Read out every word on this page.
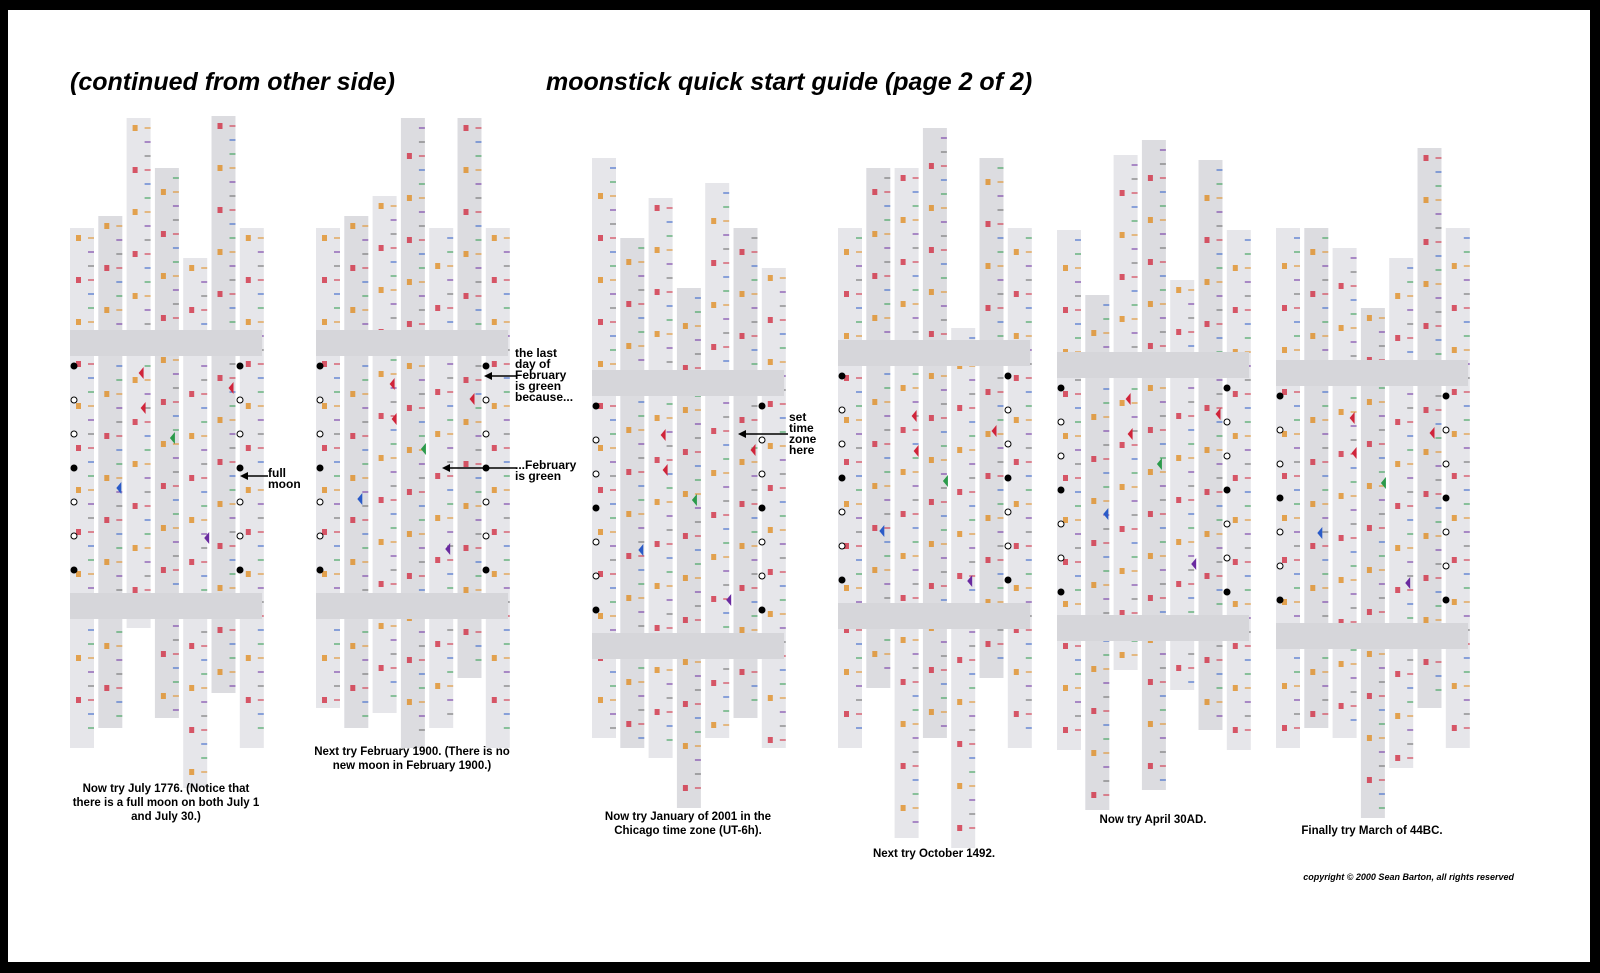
(continued from other side)	moonstick quick start guide (page 2 of 2)
Now try July 1776. (Notice that there is a full moon on both July 1 and July 30.)
Next try February 1900. (There is no new moon in February 1900.)
Now try January of 2001 in the Chicago time zone (UT-6h).
Next try October 1492.
Now try April 30AD.
Finally try March of 44BC.
full moon
the last day of February is green because...
...February is green
set time zone here
copyright © 2000 Sean Barton, all rights reserved
